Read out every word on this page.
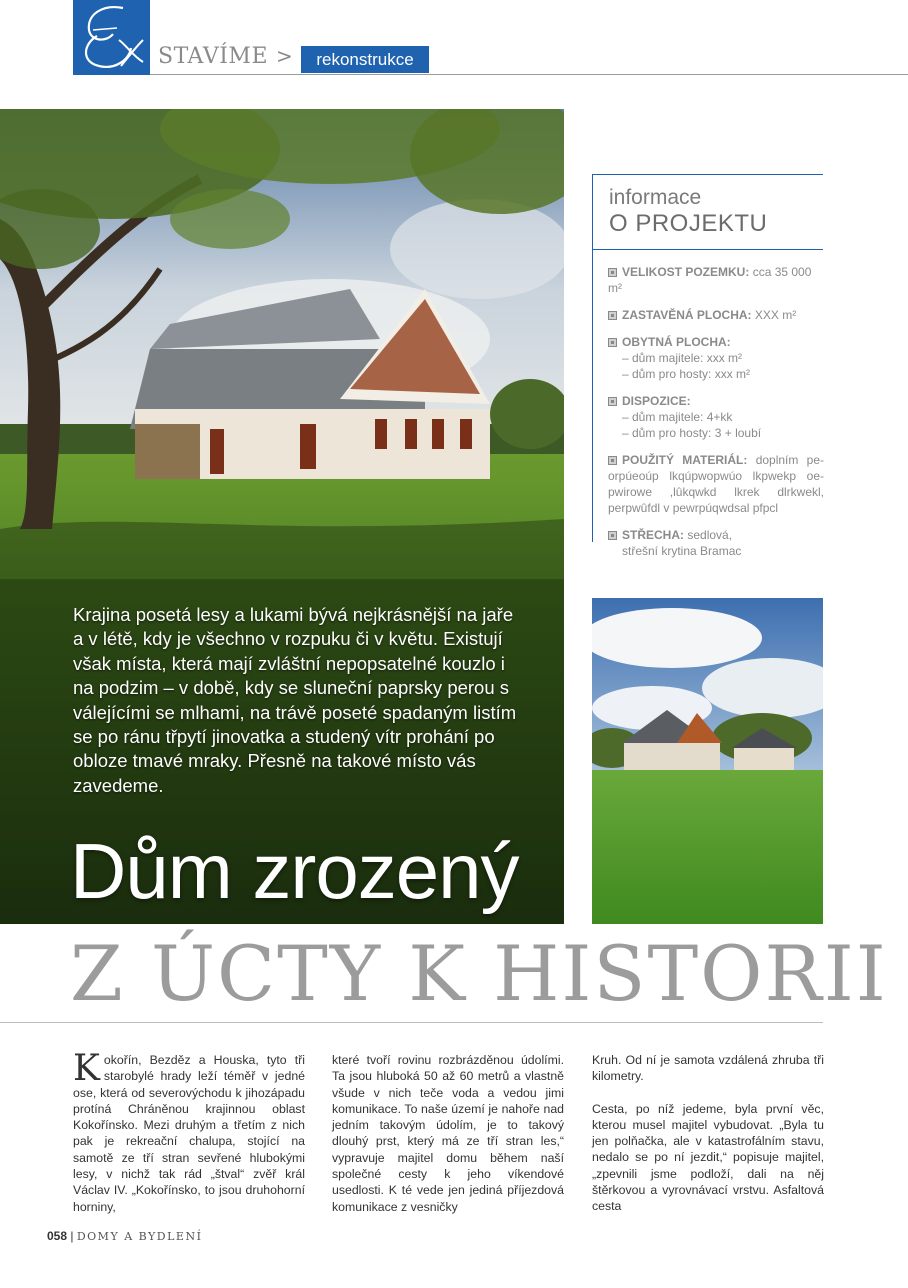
STAVÍME >	rekonstrukce
Krajina posetá lesy a lukami bývá nejkrásnější na jaře a v létě, kdy je všechno v rozpuku či v květu. Existují však místa, která mají zvláštní nepopsatelné kouzlo i na podzim – v době, kdy se sluneční paprsky perou s válejícími se mlhami, na trávě poseté spadaným listím se po ránu třpytí jinovatka a studený vítr prohání po obloze tmavé mraky. Přesně na takové místo vás zavedeme.
Dům zrozený
informace
O PROJEKTU
VELIKOST POZEMKU: cca 35 000 m²
ZASTAVĚNÁ PLOCHA: XXX m²
OBYTNÁ PLOCHA:
– dům majitele: xxx m²
– dům pro hosty: xxx m²
DISPOZICE:
– dům majitele: 4+kk
– dům pro hosty: 3 + loubí
POUŽITÝ MATERIÁL: doplním pe-orpúeoúp lkqúpwopwúo lkpwekp oe-pwirowe ,lûkqwkd lkrek dlrkwekl, perpwûfdl v pewrpúqwdsal pfpcl
STŘECHA: sedlová,
střešní krytina Bramac
Z ÚCTY K HISTORII
Kokořín, Bezděz a Houska, tyto tři starobylé hrady leží téměř v jedné ose, která od severovýchodu k jihozápadu protíná Chráněnou krajinnou oblast Kokořínsko. Mezi druhým a třetím z nich pak je rekreační chalupa, stojící na samotě ze tří stran sevřené hlubokými lesy, v nichž tak rád „štval“ zvěř král Václav IV. „Kokořínsko, to jsou druhohorní horniny,
které tvoří rovinu rozbrázděnou údolími. Ta jsou hluboká 50 až 60 metrů a vlastně všude v nich teče voda a vedou jimi komunikace. To naše území je nahoře nad jedním takovým údolím, je to takový dlouhý prst, který má ze tří stran les,“ vypravuje majitel domu během naší společné cesty k jeho víkendové usedlosti. K té vede jen jediná příjezdová komunikace z vesničky

Kruh. Od ní je samota vzdálená zhruba tři kilometry.

Cesta, po níž jedeme, byla první věc, kterou musel majitel vybudovat. „Byla tu jen polňačka, ale v katastrofálním stavu, nedalo se po ní jezdit,“ popisuje majitel, „zpevnili jsme podloží, dali na něj štěrkovou a vyrovnávací vrstvu. Asfaltová cesta

058 | DOMY A BYDLENÍ
